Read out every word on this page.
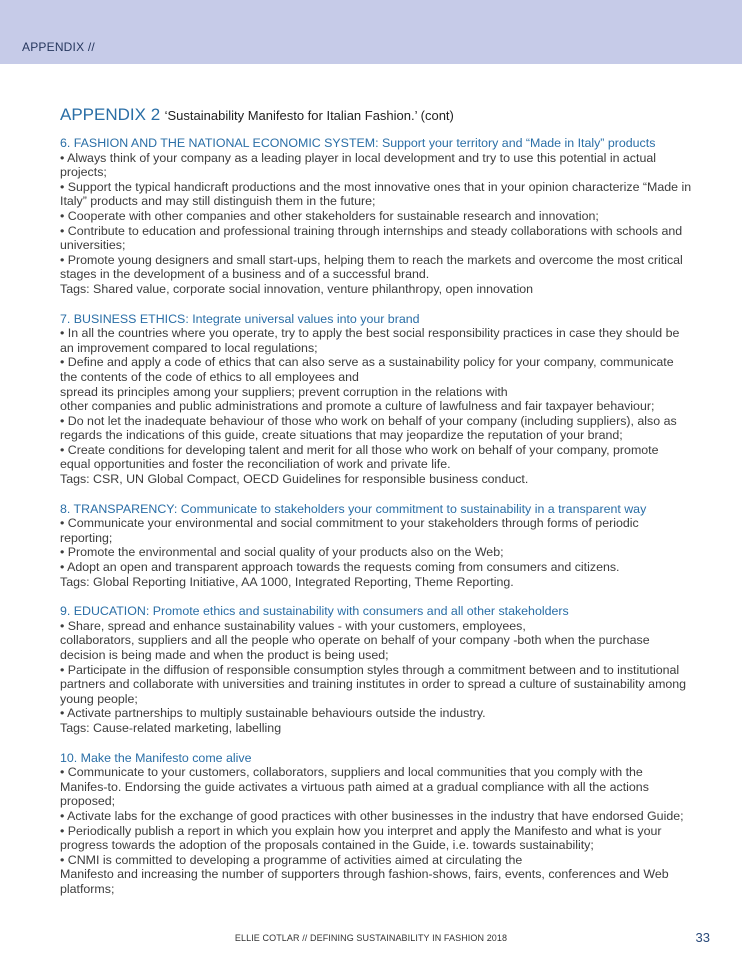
APPENDIX //
APPENDIX 2 ‘Sustainability Manifesto for Italian Fashion.’ (cont)
6. FASHION AND THE NATIONAL ECONOMIC SYSTEM: Support your territory and “Made in Italy” products
• Always think of your company as a leading player in local development and try to use this potential in actual projects;
• Support the typical handicraft productions and the most innovative ones that in your opinion characterize “Made in Italy” products and may still distinguish them in the future;
• Cooperate with other companies and other stakeholders for sustainable research and innovation;
• Contribute to education and professional training through internships and steady collaborations with schools and universities;
• Promote young designers and small start-ups, helping them to reach the markets and overcome the most critical stages in the development of a business and of a successful brand.
Tags: Shared value, corporate social innovation, venture philanthropy, open innovation
7. BUSINESS ETHICS: Integrate universal values into your brand
• In all the countries where you operate, try to apply the best social responsibility practices in case they should be an improvement compared to local regulations;
• Define and apply a code of ethics that can also serve as a sustainability policy for your company, communicate the contents of the code of ethics to all employees and
spread its principles among your suppliers; prevent corruption in the relations with
other companies and public administrations and promote a culture of lawfulness and fair taxpayer behaviour;
• Do not let the inadequate behaviour of those who work on behalf of your company (including suppliers), also as regards the indications of this guide, create situations that may jeopardize the reputation of your brand;
• Create conditions for developing talent and merit for all those who work on behalf of your company, promote equal opportunities and foster the reconciliation of work and private life.
Tags: CSR, UN Global Compact, OECD Guidelines for responsible business conduct.
8. TRANSPARENCY: Communicate to stakeholders your commitment to sustainability in a transparent way
• Communicate your environmental and social commitment to your stakeholders through forms of periodic reporting;
• Promote the environmental and social quality of your products also on the Web;
• Adopt an open and transparent approach towards the requests coming from consumers and citizens.
Tags: Global Reporting Initiative, AA 1000, Integrated Reporting, Theme Reporting.
9. EDUCATION: Promote ethics and sustainability with consumers and all other stakeholders
• Share, spread and enhance sustainability values - with your customers, employees,
collaborators, suppliers and all the people who operate on behalf of your company -both when the purchase decision is being made and when the product is being used;
• Participate in the diffusion of responsible consumption styles through a commitment between and to institutional partners and collaborate with universities and training institutes in order to spread a culture of sustainability among young people;
• Activate partnerships to multiply sustainable behaviours outside the industry.
Tags: Cause-related marketing, labelling
10. Make the Manifesto come alive
• Communicate to your customers, collaborators, suppliers and local communities that you comply with the Manifes-to. Endorsing the guide activates a virtuous path aimed at a gradual compliance with all the actions proposed;
• Activate labs for the exchange of good practices with other businesses in the industry that have endorsed Guide;
• Periodically publish a report in which you explain how you interpret and apply the Manifesto and what is your progress towards the adoption of the proposals contained in the Guide, i.e. towards sustainability;
• CNMI is committed to developing a programme of activities aimed at circulating the
Manifesto and increasing the number of supporters through fashion-shows, fairs, events, conferences and Web platforms;
ELLIE COTLAR // DEFINING SUSTAINABILITY IN FASHION 2018	33
